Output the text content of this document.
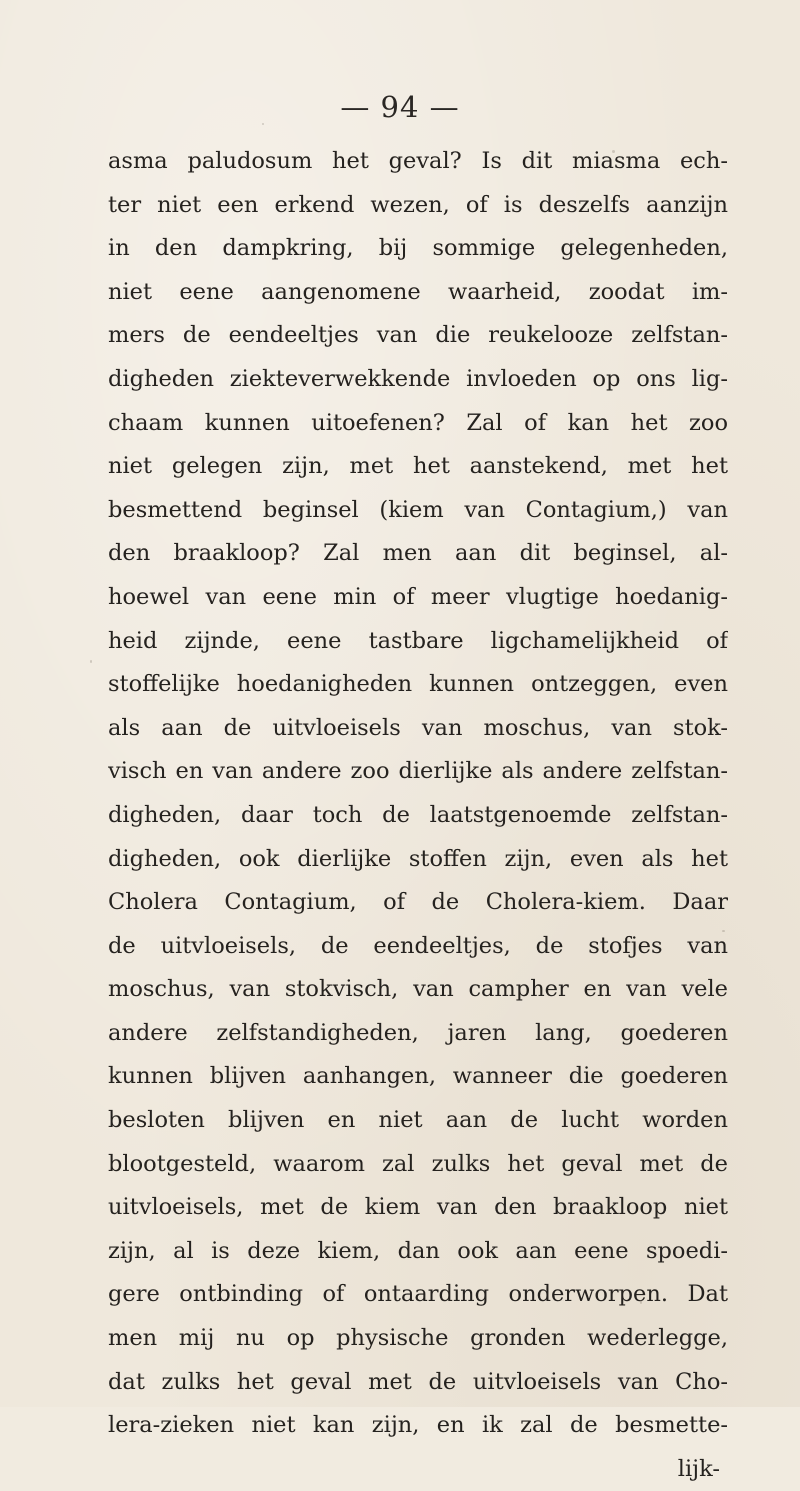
— 94 —
asma paludosum het geval? Is dit miasma ech-
ter niet een erkend wezen, of is deszelfs aanzijn
in den dampkring, bij sommige gelegenheden,
niet eene aangenomene waarheid, zoodat im-
mers de eendeeltjes van die reukelooze zelfstan-
digheden ziekteverwekkende invloeden op ons lig-
chaam kunnen uitoefenen? Zal of kan het zoo
niet gelegen zijn, met het aanstekend, met het
besmettend beginsel (kiem van Contagium,) van
den braakloop? Zal men aan dit beginsel, al-
hoewel van eene min of meer vlugtige hoedanig-
heid zijnde, eene tastbare ligchamelijkheid of
stoffelijke hoedanigheden kunnen ontzeggen, even
als aan de uitvloeisels van moschus, van stok-
visch en van andere zoo dierlijke als andere zelfstan-
digheden, daar toch de laatstgenoemde zelfstan-
digheden, ook dierlijke stoffen zijn, even als het
Cholera Contagium, of de Cholera-kiem. Daar
de uitvloeisels, de eendeeltjes, de stofjes van
moschus, van stokvisch, van campher en van vele
andere zelfstandigheden, jaren lang, goederen
kunnen blijven aanhangen, wanneer die goederen
besloten blijven en niet aan de lucht worden
blootgesteld, waarom zal zulks het geval met de
uitvloeisels, met de kiem van den braakloop niet
zijn, al is deze kiem, dan ook aan eene spoedi-
gere ontbinding of ontaarding onderworpen. Dat
men mij nu op physische gronden wederlegge,
dat zulks het geval met de uitvloeisels van Cho-
lera-zieken niet kan zijn, en ik zal de besmette-
lijk-
